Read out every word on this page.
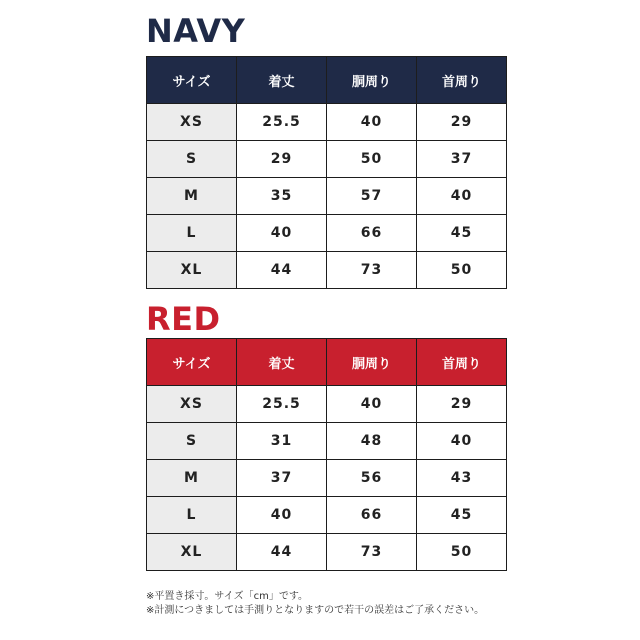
NAVY
サイズ	着丈	胴周り	首周り
XS	25.5	40	29
S	29	50	37
M	35	57	40
L	40	66	45
XL	44	73	50
RED
サイズ	着丈	胴周り	首周り
XS	25.5	40	29
S	31	48	40
M	37	56	43
L	40	66	45
XL	44	73	50
※平置き採寸。サイズ「cm」です。
※計測につきましては手測りとなりますので若干の誤差はご了承ください。
